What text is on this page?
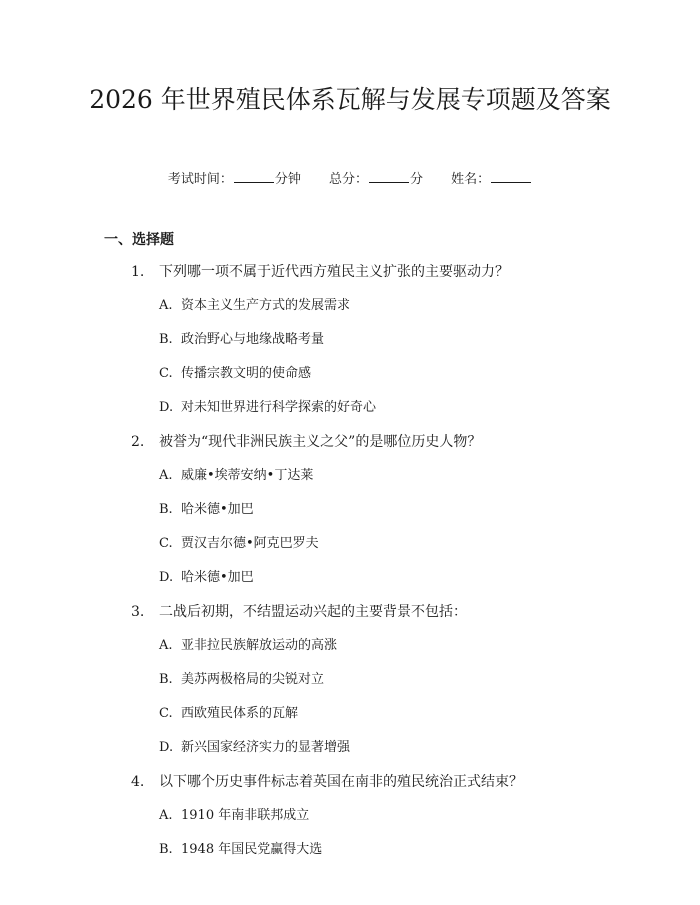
2026 年世界殖民体系瓦解与发展专项题及答案
考试时间：	分钟 总分：	分 姓名：
一、选择题
1. 下列哪一项不属于近代西方殖民主义扩张的主要驱动力？
A. 资本主义生产方式的发展需求
B. 政治野心与地缘战略考量
C. 传播宗教文明的使命感
D. 对未知世界进行科学探索的好奇心
2. 被誉为“现代非洲民族主义之父”的是哪位历史人物？
A. 威廉•埃蒂安纳•丁达莱
B. 哈米德•加巴
C. 贾汉吉尔德•阿克巴罗夫
D. 哈米德•加巴
3. 二战后初期，不结盟运动兴起的主要背景不包括：
A. 亚非拉民族解放运动的高涨
B. 美苏两极格局的尖锐对立
C. 西欧殖民体系的瓦解
D. 新兴国家经济实力的显著增强
4. 以下哪个历史事件标志着英国在南非的殖民统治正式结束？
A. 1910 年南非联邦成立
B. 1948 年国民党赢得大选
